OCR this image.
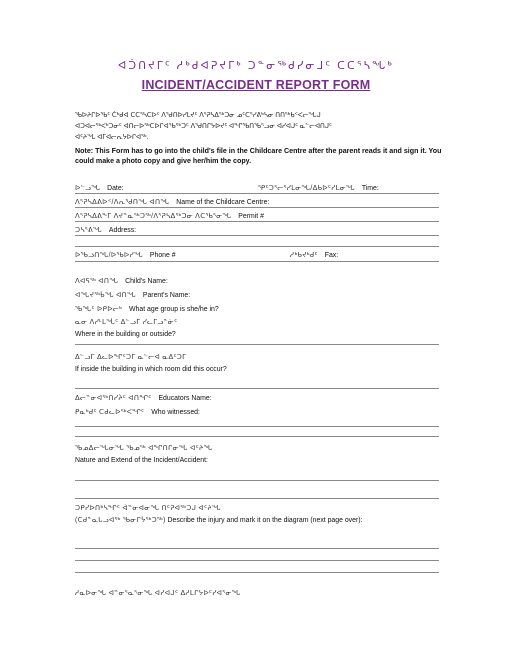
ᐊᑑᑎᔪᒥᑦ ᓱᒃᑯᐊᕈᔪᒥᒃ ᑐᓐᓂᖅᑯᓯᓂᒧᑦ ᑕᑕᕐᓴᖓᒃ
INCIDENT/ACCIDENT REPORT FORM
ᖃᐅᔨᒋᐅᖃᑦ ᑖᒃᑯᐊ ᑕᑕᕐᓴᑕᐅᑦ ᐱᖁᑎᐅᓯᒪᔪᑦ ᐱᕐᕈᓴᐃᖅᑐᓂ ᓄᑦᑕᕐᓯᕕᒃᓴᓂ ᑎᑎᖅᑲᑉᐸᓕᖓᒍ
ᐊᑐᐊᓕᖅᐸᒃᑐᓂᑦ ᐊᑎᓕᐅᖅᑕᐅᒋᐊᖃᖅᑐᑦ ᐱᖁᑎᒋᔭᐅᔪᑦ ᐊᖏᖃᑎᖃᕐᓗᓂ ᐊᓯᐊᒍᑦ ᓇᓪᓕᐊᑎᒍᑦ
ᐊᑦᔨᖓ ᐊᒥᐊᓕᕆᔭᐅᒋᐊᖅ.
Note: This Form has to go into the child's file in the Childcare Centre after the parent reads it and sign it. You could make a photo copy and give her/him the copy.
ᐅᓪᓗᖓ Date:	ᕿᑦᑐᕐᓕᕐᓯᒪᓂᖓ/ᐃᑲᐅᑦᓯᒪᓂᖓ Time:
ᐱᕐᕈᓴᐃᕕᐅᑉ/ᐱᕆᖁᑎᖓ ᐊᑎᖓ Name of the Childcare Centre:
ᐱᕐᕈᓴᐃᕕᖕᒥ ᐱᔪᓐᓇᖅᑐᖅ/ᐱᕐᕈᓴᐃᖅᑐᓂ ᐱᑕᖃᕐᓂᖓ Permit #
ᑐᓴᕐᕕᖓ Address:
ᐅᖃᓘᑎᖓ/ᐅᖃᐅᓯᖓ Phone #	ᓱᒃᑲᔪᒃᑯᑦ Fax:
ᐱᐊᕋᖅ ᐊᑎᖓ Child's Name:
ᐊᖓᔪᖅᑳᖓ ᐊᑎᖓ Parent's Name:
ᖃᖓᑦ ᐅᑭᐅᓕᒃ What age group is she/he in?
ᓇᓂ ᐱᓯᒻᒪᖔᑦ ᐃᓪᓗᒥ ᓯᓚᒥᓗᓐᓃᑦ
Where in the building or outside?
ᐃᓪᓗᒥ ᐃᓚᐅᖏᑦᑐᒥ ᓇᓪᓕᐊ ᓇᐃᑦᑐᒥ
If inside the building in which room did this occur?
ᐃᓕᓐᓂᐊᖅᑎᓯᔩᑦ ᐊᑎᖏᑦ Educators Name:
ᑭᓇᒃᑯᑦ ᑕᑯᓚᐅᖅᐸᖏᑦ Who witnessed:
ᖃᓄᐃᓕᖓᓂᖓ ᖃᓄᖅ ᐊᖏᑎᒋᓂᖓ ᐊᑦᔨᖓ
Nature and Extend of the Incident/Accident:
ᑐᑭᓯᐅᑎᒃᓴᖏᑦ ᐋᓐᓂᐊᓂᖓ ᑎᑦᕈᐊᖅᑐᒍ ᐊᑦᔨᖓ
(ᑕᑯᓐᓇᒐᓗᐊᖅ ᖃᓂᒋᔮᖅᑐᖅ) Describe the injury and mark it on the diagram (next page over):
ᓱᓇᐅᓂᖓ ᐊᓐᓂᕐᓇᕐᓂᖓ ᐊᓯᐊᒍᑦ ᐃᓱᒪᒋᔭᐅᑦᓯᐊᕐᓂᖓ
